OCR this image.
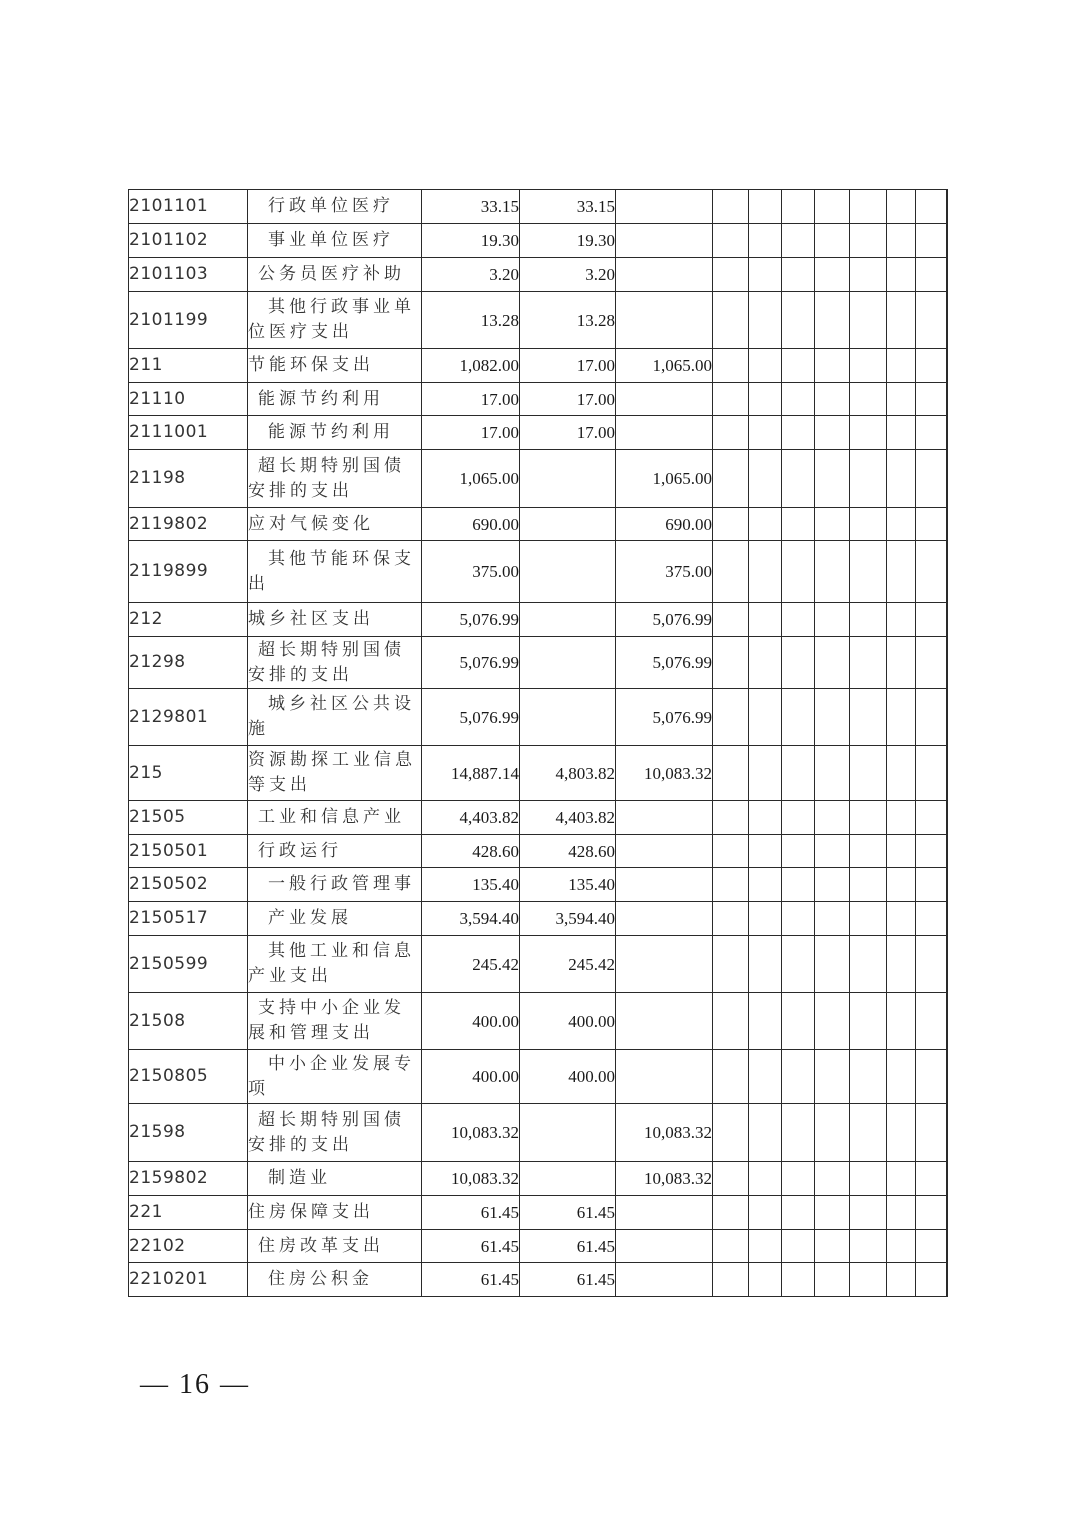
2101101	行政单位医疗	33.15	33.15									
2101102	事业单位医疗	19.30	19.30									
2101103	公务员医疗补助	3.20	3.20									
2101199	其他行政事业单位医疗支出	13.28	13.28									
211	节能环保支出	1,082.00	17.00	1,065.00								
21110	能源节约利用	17.00	17.00									
2111001	能源节约利用	17.00	17.00									
21198	超长期特别国债安排的支出	1,065.00		1,065.00								
2119802	应对气候变化	690.00		690.00								
2119899	其他节能环保支出	375.00		375.00								
212	城乡社区支出	5,076.99		5,076.99								
21298	超长期特别国债安排的支出	5,076.99		5,076.99								
2129801	城乡社区公共设施	5,076.99		5,076.99								
215	资源勘探工业信息等支出	14,887.14	4,803.82	10,083.32								
21505	工业和信息产业	4,403.82	4,403.82									
2150501	行政运行	428.60	428.60									
2150502	一般行政管理事	135.40	135.40									
2150517	产业发展	3,594.40	3,594.40									
2150599	其他工业和信息产业支出	245.42	245.42									
21508	支持中小企业发展和管理支出	400.00	400.00									
2150805	中小企业发展专项	400.00	400.00									
21598	超长期特别国债安排的支出	10,083.32		10,083.32								
2159802	制造业	10,083.32		10,083.32								
221	住房保障支出	61.45	61.45									
22102	住房改革支出	61.45	61.45									
2210201	住房公积金	61.45	61.45									
— 16 —
